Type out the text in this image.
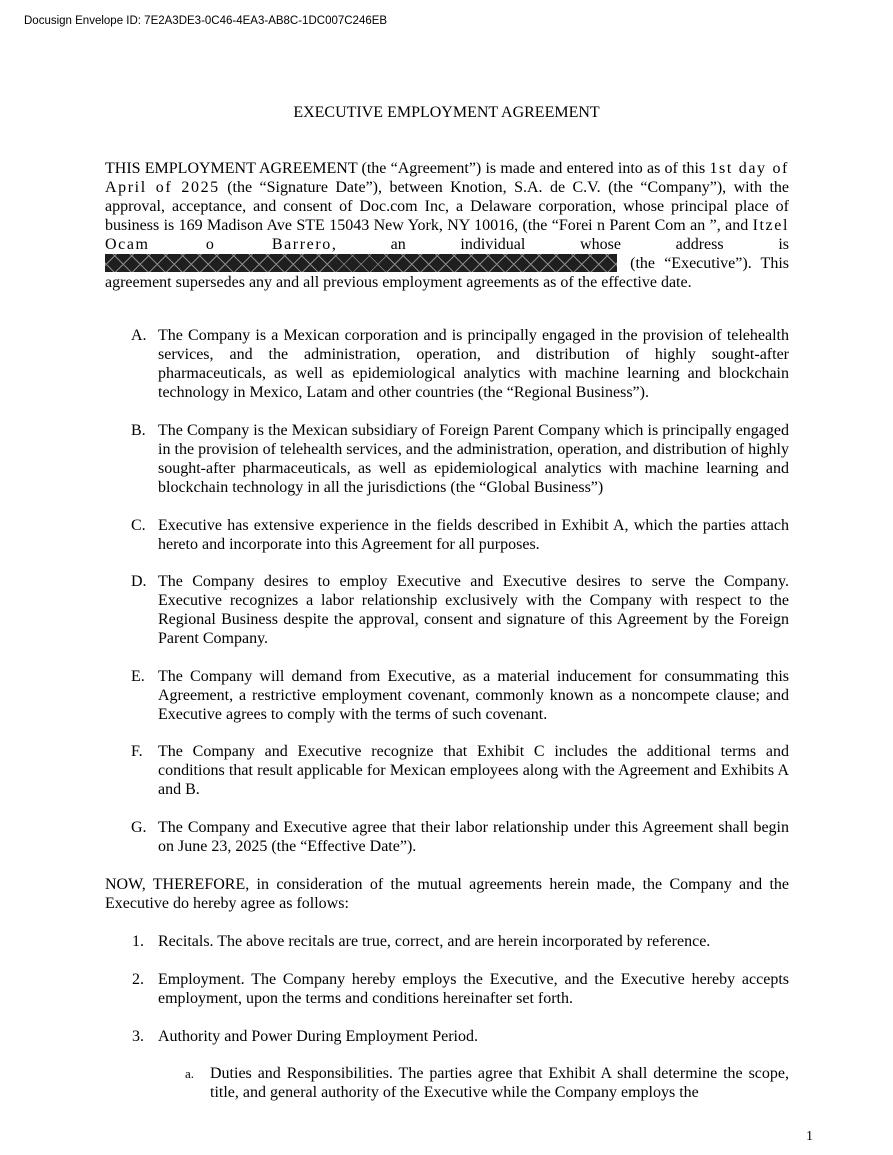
Docusign Envelope ID: 7E2A3DE3-0C46-4EA3-AB8C-1DC007C246EB
EXECUTIVE EMPLOYMENT AGREEMENT
THIS EMPLOYMENT AGREEMENT (the “Agreement”) is made and entered into as of this 1st day of April of 2025 (the “Signature Date”), between Knotion, S.A. de C.V. (the “Company”), with the approval, acceptance, and consent of Doc.com Inc, a Delaware corporation, whose principal place of business is 169 Madison Ave STE 15043 New York, NY 10016, (the “Forei n Parent Com an ”, and Itzel Ocam o Barrero, an individual whose address is  (the “Executive”). This agreement supersedes any and all previous employment agreements as of the effective date.
A. The Company is a Mexican corporation and is principally engaged in the provision of telehealth services, and the administration, operation, and distribution of highly sought-after pharmaceuticals, as well as epidemiological analytics with machine learning and blockchain technology in Mexico, Latam and other countries (the “Regional Business”).
B. The Company is the Mexican subsidiary of Foreign Parent Company which is principally engaged in the provision of telehealth services, and the administration, operation, and distribution of highly sought-after pharmaceuticals, as well as epidemiological analytics with machine learning and blockchain technology in all the jurisdictions (the “Global Business”)
C. Executive has extensive experience in the fields described in Exhibit A, which the parties attach hereto and incorporate into this Agreement for all purposes.
D. The Company desires to employ Executive and Executive desires to serve the Company. Executive recognizes a labor relationship exclusively with the Company with respect to the Regional Business despite the approval, consent and signature of this Agreement by the Foreign Parent Company.
E. The Company will demand from Executive, as a material inducement for consummating this Agreement, a restrictive employment covenant, commonly known as a noncompete clause; and Executive agrees to comply with the terms of such covenant.
F. The Company and Executive recognize that Exhibit C includes the additional terms and conditions that result applicable for Mexican employees along with the Agreement and Exhibits A and B.
G. The Company and Executive agree that their labor relationship under this Agreement shall begin on June 23, 2025 (the “Effective Date”).
NOW, THEREFORE, in consideration of the mutual agreements herein made, the Company and the Executive do hereby agree as follows:
1. Recitals. The above recitals are true, correct, and are herein incorporated by reference.
2. Employment. The Company hereby employs the Executive, and the Executive hereby accepts employment, upon the terms and conditions hereinafter set forth.
3. Authority and Power During Employment Period.
a. Duties and Responsibilities. The parties agree that Exhibit A shall determine the scope, title, and general authority of the Executive while the Company employs the
1
